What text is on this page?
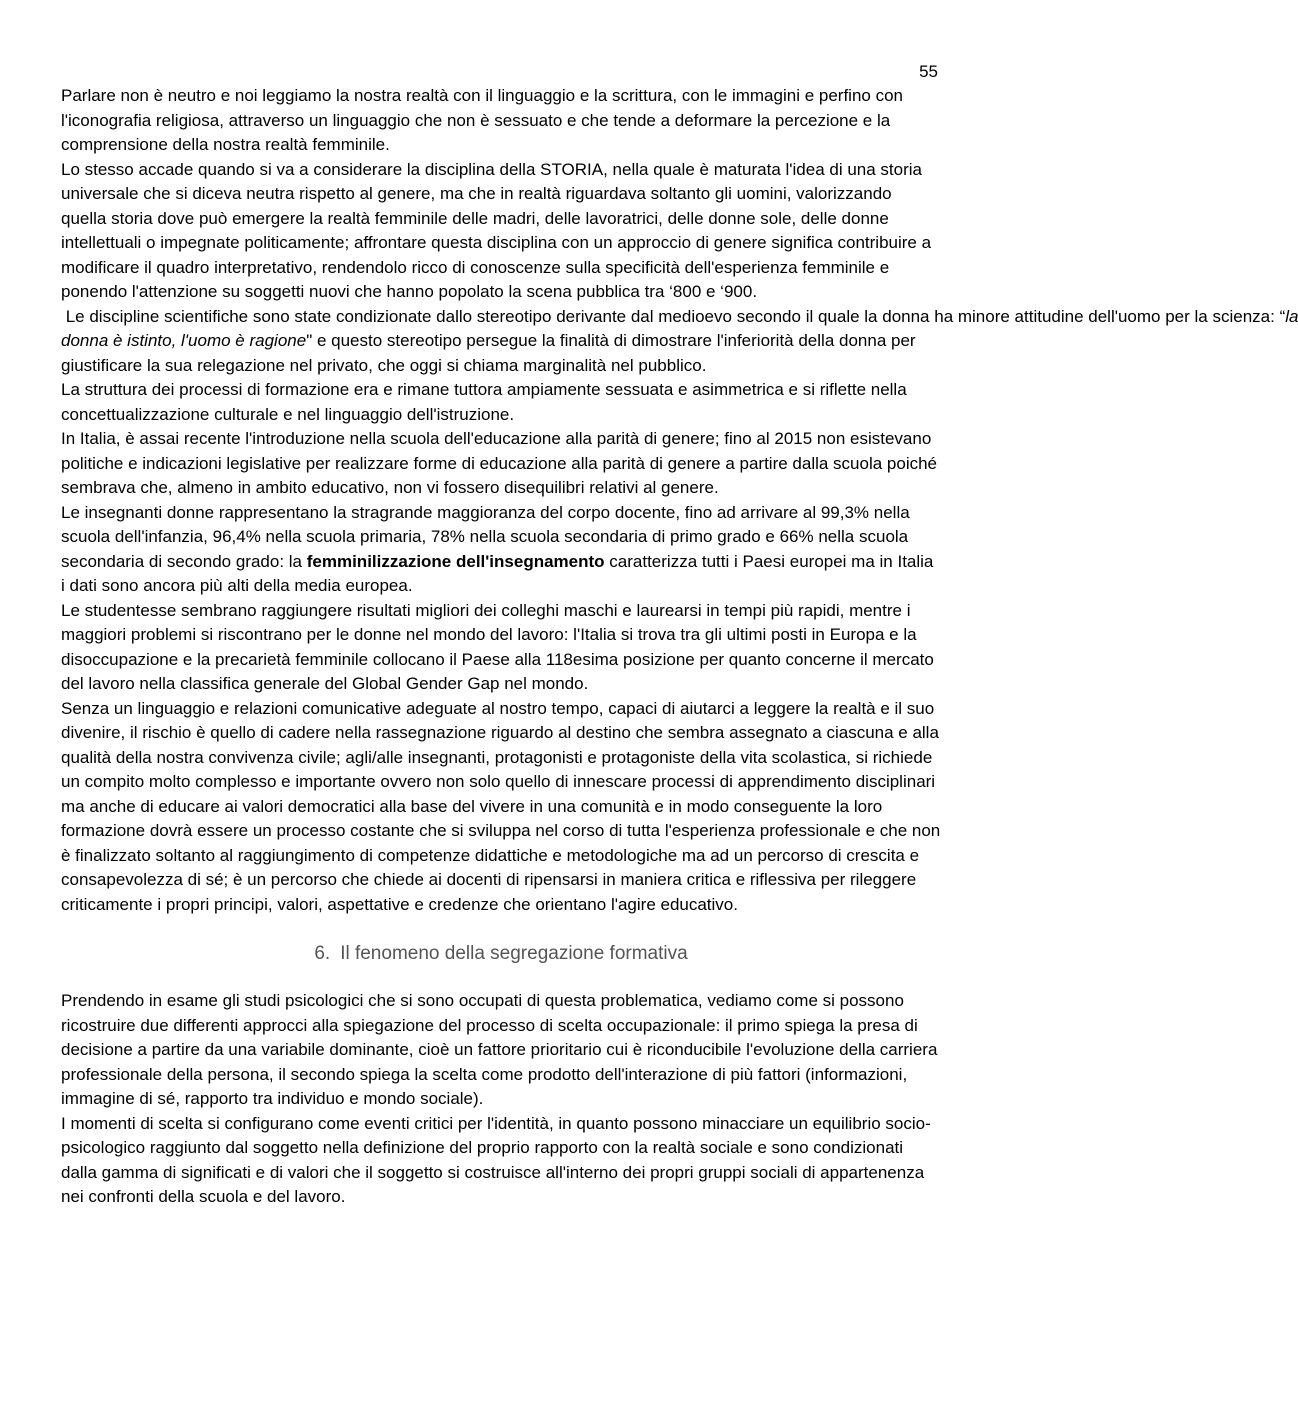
55

Parlare non è neutro e noi leggiamo la nostra realtà con il linguaggio e la scrittura, con le immagini e perfino con l'iconografia religiosa, attraverso un linguaggio che non è sessuato e che tende a deformare la percezione e la comprensione della nostra realtà femminile.

Lo stesso accade quando si va a considerare la disciplina della STORIA, nella quale è maturata l'idea di una storia universale che si diceva neutra rispetto al genere, ma che in realtà riguardava soltanto gli uomini, valorizzando quella storia dove può emergere la realtà femminile delle madri, delle lavoratrici, delle donne sole, delle donne intellettuali o impegnate politicamente; affrontare questa disciplina con un approccio di genere significa contribuire a modificare il quadro interpretativo, rendendolo ricco di conoscenze sulla specificità dell'esperienza femminile e ponendo l'attenzione su soggetti nuovi che hanno popolato la scena pubblica tra ‘800 e ‘900.

Le discipline scientifiche sono state condizionate dallo stereotipo derivante dal medioevo secondo il quale la donna ha minore attitudine dell'uomo per la scienza: “la donna è istinto, l'uomo è ragione" e questo stereotipo persegue la finalità di dimostrare l'inferiorità della donna per giustificare la sua relegazione nel privato, che oggi si chiama marginalità nel pubblico.

La struttura dei processi di formazione era e rimane tuttora ampiamente sessuata e asimmetrica e si riflette nella concettualizzazione culturale e nel linguaggio dell'istruzione.

In Italia, è assai recente l'introduzione nella scuola dell'educazione alla parità di genere; fino al 2015 non esistevano politiche e indicazioni legislative per realizzare forme di educazione alla parità di genere a partire dalla scuola poiché sembrava che, almeno in ambito educativo, non vi fossero disequilibri relativi al genere.

Le insegnanti donne rappresentano la stragrande maggioranza del corpo docente, fino ad arrivare al 99,3% nella scuola dell'infanzia, 96,4% nella scuola primaria, 78% nella scuola secondaria di primo grado e 66% nella scuola secondaria di secondo grado: la femminilizzazione dell'insegnamento caratterizza tutti i Paesi europei ma in Italia i dati sono ancora più alti della media europea.

Le studentesse sembrano raggiungere risultati migliori dei colleghi maschi e laurearsi in tempi più rapidi, mentre i maggiori problemi si riscontrano per le donne nel mondo del lavoro: l'Italia si trova tra gli ultimi posti in Europa e la disoccupazione e la precarietà femminile collocano il Paese alla 118esima posizione per quanto concerne il mercato del lavoro nella classifica generale del Global Gender Gap nel mondo.

Senza un linguaggio e relazioni comunicative adeguate al nostro tempo, capaci di aiutarci a leggere la realtà e il suo divenire, il rischio è quello di cadere nella rassegnazione riguardo al destino che sembra assegnato a ciascuna e alla qualità della nostra convivenza civile; agli/alle insegnanti, protagonisti e protagoniste della vita scolastica, si richiede un compito molto complesso e importante ovvero non solo quello di innescare processi di apprendimento disciplinari ma anche di educare ai valori democratici alla base del vivere in una comunità e in modo conseguente la loro formazione dovrà essere un processo costante che si sviluppa nel corso di tutta l'esperienza professionale e che non è finalizzato soltanto al raggiungimento di competenze didattiche e metodologiche ma ad un percorso di crescita e consapevolezza di sé; è un percorso che chiede ai docenti di ripensarsi in maniera critica e riflessiva per rileggere criticamente i propri principi, valori, aspettative e credenze che orientano l'agire educativo.

6. Il fenomeno della segregazione formativa

Prendendo in esame gli studi psicologici che si sono occupati di questa problematica, vediamo come si possono ricostruire due differenti approcci alla spiegazione del processo di scelta occupazionale: il primo spiega la presa di decisione a partire da una variabile dominante, cioè un fattore prioritario cui è riconducibile l'evoluzione della carriera professionale della persona, il secondo spiega la scelta come prodotto dell'interazione di più fattori (informazioni, immagine di sé, rapporto tra individuo e mondo sociale).

I momenti di scelta si configurano come eventi critici per l'identità, in quanto possono minacciare un equilibrio socio-psicologico raggiunto dal soggetto nella definizione del proprio rapporto con la realtà sociale e sono condizionati dalla gamma di significati e di valori che il soggetto si costruisce all'interno dei propri gruppi sociali di appartenenza nei confronti della scuola e del lavoro.
